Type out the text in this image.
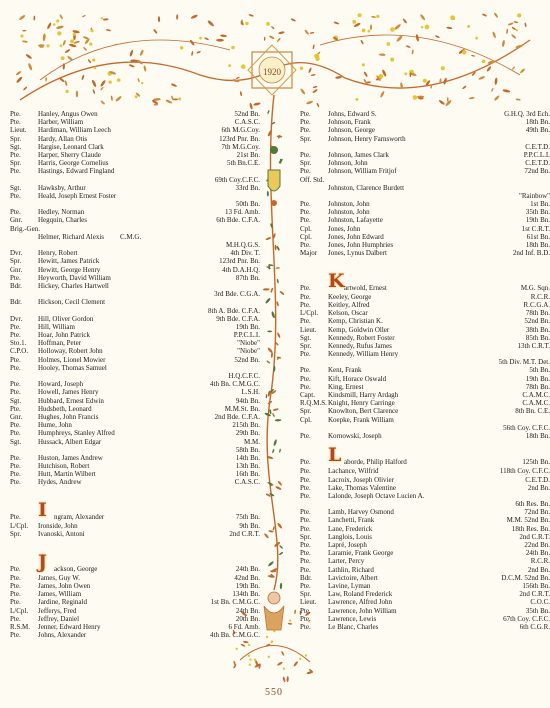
1920
Pte.	Hanley, Angus Owen	52nd Bn.
Pte.	Harber, William	C.A.S.C.
Lieut.	Hardiman, William Leech	6th M.G.Coy.
Spr.	Hardy, Allan Otis	123rd Pnr. Bn.
Sgt.	Hargise, Leonard Clark	7th M.G.Coy.
Pte.	Harper, Sherry Claude	21st Bn.
Spr.	Harris, George Cornelius	5th Bn.C.E.
Pte.	Hastings, Edward Fingland
69th Coy.C.F.C.
Sgt.	Hawksby, Arthur	33rd Bn.
Pte.	Heald, Joseph Ernest Foster
50th Bn.
Pte.	Hedley, Norman	13 Fd. Amb.
Gnr.	Hegquin, Charles	6th Bde. C.F.A.
Brig.-Gen.
Helmer, Richard Alexis C.M.G.
M.H.Q.G.S.
Dvr.	Henry, Robert	4th Div. T.
Spr.	Hewitt, James Patrick	123rd Pnr. Bn.
Gnr.	Hewitt, George Henry	4th D.A.H.Q.
Pte.	Heyworth, David William	87th Bn.
Bdr.	Hickey, Charles Hartwell
3rd Bde. C.G.A.
Bdr.	Hickson, Cecil Clement
8th A. Bde. C.F.A.
Dvr.	Hill, Oliver Gordon	9th Bde. C.F.A.
Pte.	Hill, William	19th Bn.
Pte.	Hoar, John Patrick	P.P.C.L.I.
Sto.1.	Hoffman, Peter	"Niobe"
C.P.O.	Holloway, Robert John	"Niobe"
Pte.	Holmes, Lionel Mowier	52nd Bn.
Pte.	Hooley, Thomas Samuel
H.Q.C.F.C.
Pte.	Howard, Joseph	4th Bn. C.M.G.C.
Pte.	Howell, James Henry	L.S.H.
Sgt.	Hubbard, Ernest Edwin	94th Bn.
Pte.	Hudsbeth, Leonard	M.M.St. Bn.
Gnr.	Hughes, John Francis	2nd Bde. C.F.A.
Pte.	Hume, John	215th Bn.
Pte.	Humphreys, Stanley Alfred	29th Bn.
Sgt.	Hussack, Albert Edgar	M.M.
58th Bn.
Pte.	Huston, James Andrew	14th Bn.
Pte.	Hutchison, Robert	13th Bn.
Pte.	Hutt, Martin Wilbert	16th Bn.
Pte.	Hydes, Andrew	C.A.S.C.
I
Pte.	ngram, Alexander	75th Bn.
L/Cpl.	Ironside, John	9th Bn.
Spr.	Ivanoski, Antoni	2nd C.R.T.
J
Pte.	ackson, George	24th Bn.
Pte.	James, Guy W.	42nd Bn.
Pte.	James, John Owen	19th Bn.
Pte.	James, William	134th Bn.
Pte.	Jardine, Reginald	1st Bn. C.M.G.C.
L/Cpl.	Jefferys, Fred	24th Bn.
Pte.	Jeffrey, Daniel	20th Bn.
R.S.M.	Jenner, Edward Henry	6 Fd. Amb.
Pte.	Johns, Alexander	4th Bn. C.M.G.C.
Pte.	Johns, Edward S.	G.H.Q. 3rd Ech.
Pte.	Johnson, Frank	18th Bn.
Pte.	Johnson, George	49th Bn.
Spr.	Johnson, Henry Farnsworth
C.E.T.D.
Pte.	Johnson, James Clark	P.P.C.L.I.
Spr.	Johnson, John	C.E.T.D.
Pte.	Johnson, William Fritjof	72nd Bn.
Off. Std.
Johnston, Clarence Burdett
"Rainbow"
Pte.	Johnston, John	1st Bn.
Pte.	Johnston, John	35th Bn.
Pte.	Johnston, Lafayette	19th Bn.
Cpl.	Jones, John	1st C.R.T.
Cpl.	Jones, John Edward	61st Bn.
Pte.	Jones, John Humphries	18th Bn.
Major	Jones, Lynus Dalbert	2nd Inf. B.D.
K
Pte.	artwold, Ernest	M.G. Sqn.
Pte.	Keeley, George	R.C.R.
Pte.	Keitley, Alfred	R.C.G.A.
L/Cpl.	Kelson, Oscar	78th Bn.
Pte.	Kemp, Christian K.	52nd Bn.
Lieut.	Kemp, Goldwin Oller	38th Bn.
Sgt.	Kennedy, Robert Foster	85th Bn.
Spr.	Kennedy, Rufus James	13th C.R.T.
Pte.	Kennedy, William Henry
5th Div. M.T. Det.
Pte.	Kent, Frank	5th Bn.
Pte.	Kift, Horace Oswald	19th Bn.
Pte.	King, Ernest	78th Bn.
Capt.	Kindsmill, Harry Ardagh	C.A.M.C.
R.Q.M.S. Knight, Henry Carringe	C.A.M.C.
Spr.	Knowlton, Bert Clarence	8th Bn. C.E.
Cpl.	Koepke, Frank William
56th Coy. C.F.C.
Pte.	Kornowski, Joseph	18th Bn.
L
Pte.	aborde, Philip Halford	125th Bn.
Pte.	Lachance, Wilfrid	118th Coy. C.F.C.
Pte.	Lacroix, Joseph Olivier	C.E.T.D.
Pte.	Lake, Thomas Valentine	2nd Bn.
Pte.	Lalonde, Joseph Octave Lucien A.
6th Res. Bn.
Pte.	Lamb, Harvey Osmond	72nd Bn.
Pte.	Lanchetti, Frank	M.M. 52nd Bn.
Pte.	Lane, Frederick	18th Res. Bn.
Spr.	Langlois, Louis	2nd C.R.T.
Pte.	Lapré, Joseph	22nd Bn.
Pte.	Laramie, Frank George	24th Bn.
Pte.	Larter, Percy	R.C.R.
Pte.	Lathlin, Richard	2nd Bn.
Bdr.	Lavictoire, Albert	D.C.M. 52nd Bn.
Pte.	Lavine, Lyman	156th Bn.
Spr.	Law, Roland Frederick	2nd C.R.T.
Lieut.	Lawrence, Alfred John	C.O.C.
Pte.	Lawrence, John William	35th Bn.
Pte.	Lawrence, Lewis	67th Coy. C.F.C.
Pte.	Le Blanc, Charles	6th C.G.R.
550
